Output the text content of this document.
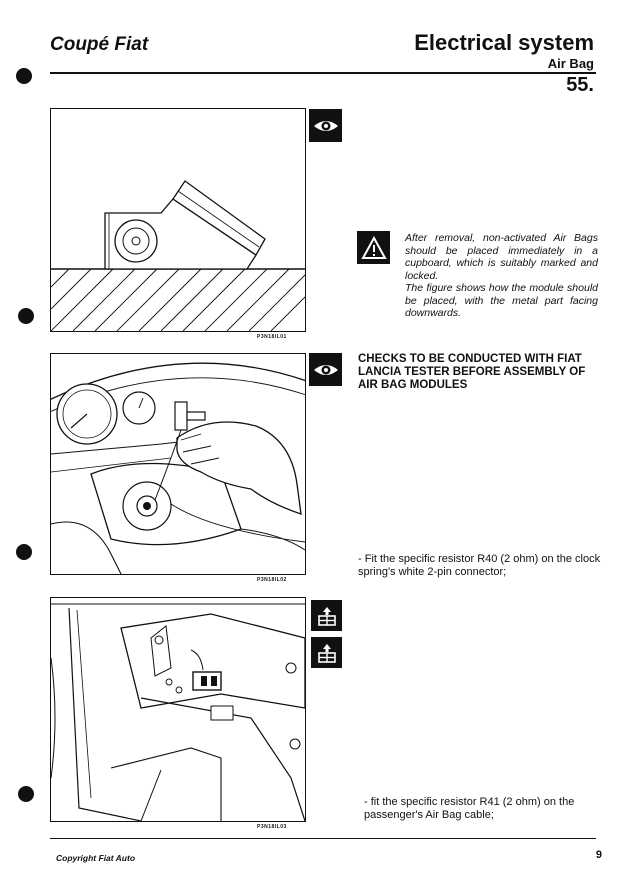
Coupé Fiat	Electrical system
Air Bag
55.
P3N18IL01
After removal, non-activated Air Bags should be placed immediately in a cupboard, which is suitably marked and locked.
The figure shows how the module should be placed, with the metal part facing downwards.
P3N18IL02
CHECKS TO BE CONDUCTED WITH FIAT LANCIA TESTER BEFORE ASSEMBLY OF AIR BAG MODULES
- Fit the specific resistor R40 (2 ohm) on the clock spring's white 2-pin connector;
P3N18IL03
- fit the specific resistor R41 (2 ohm) on the passenger's Air Bag cable;
Copyright Fiat Auto	9
